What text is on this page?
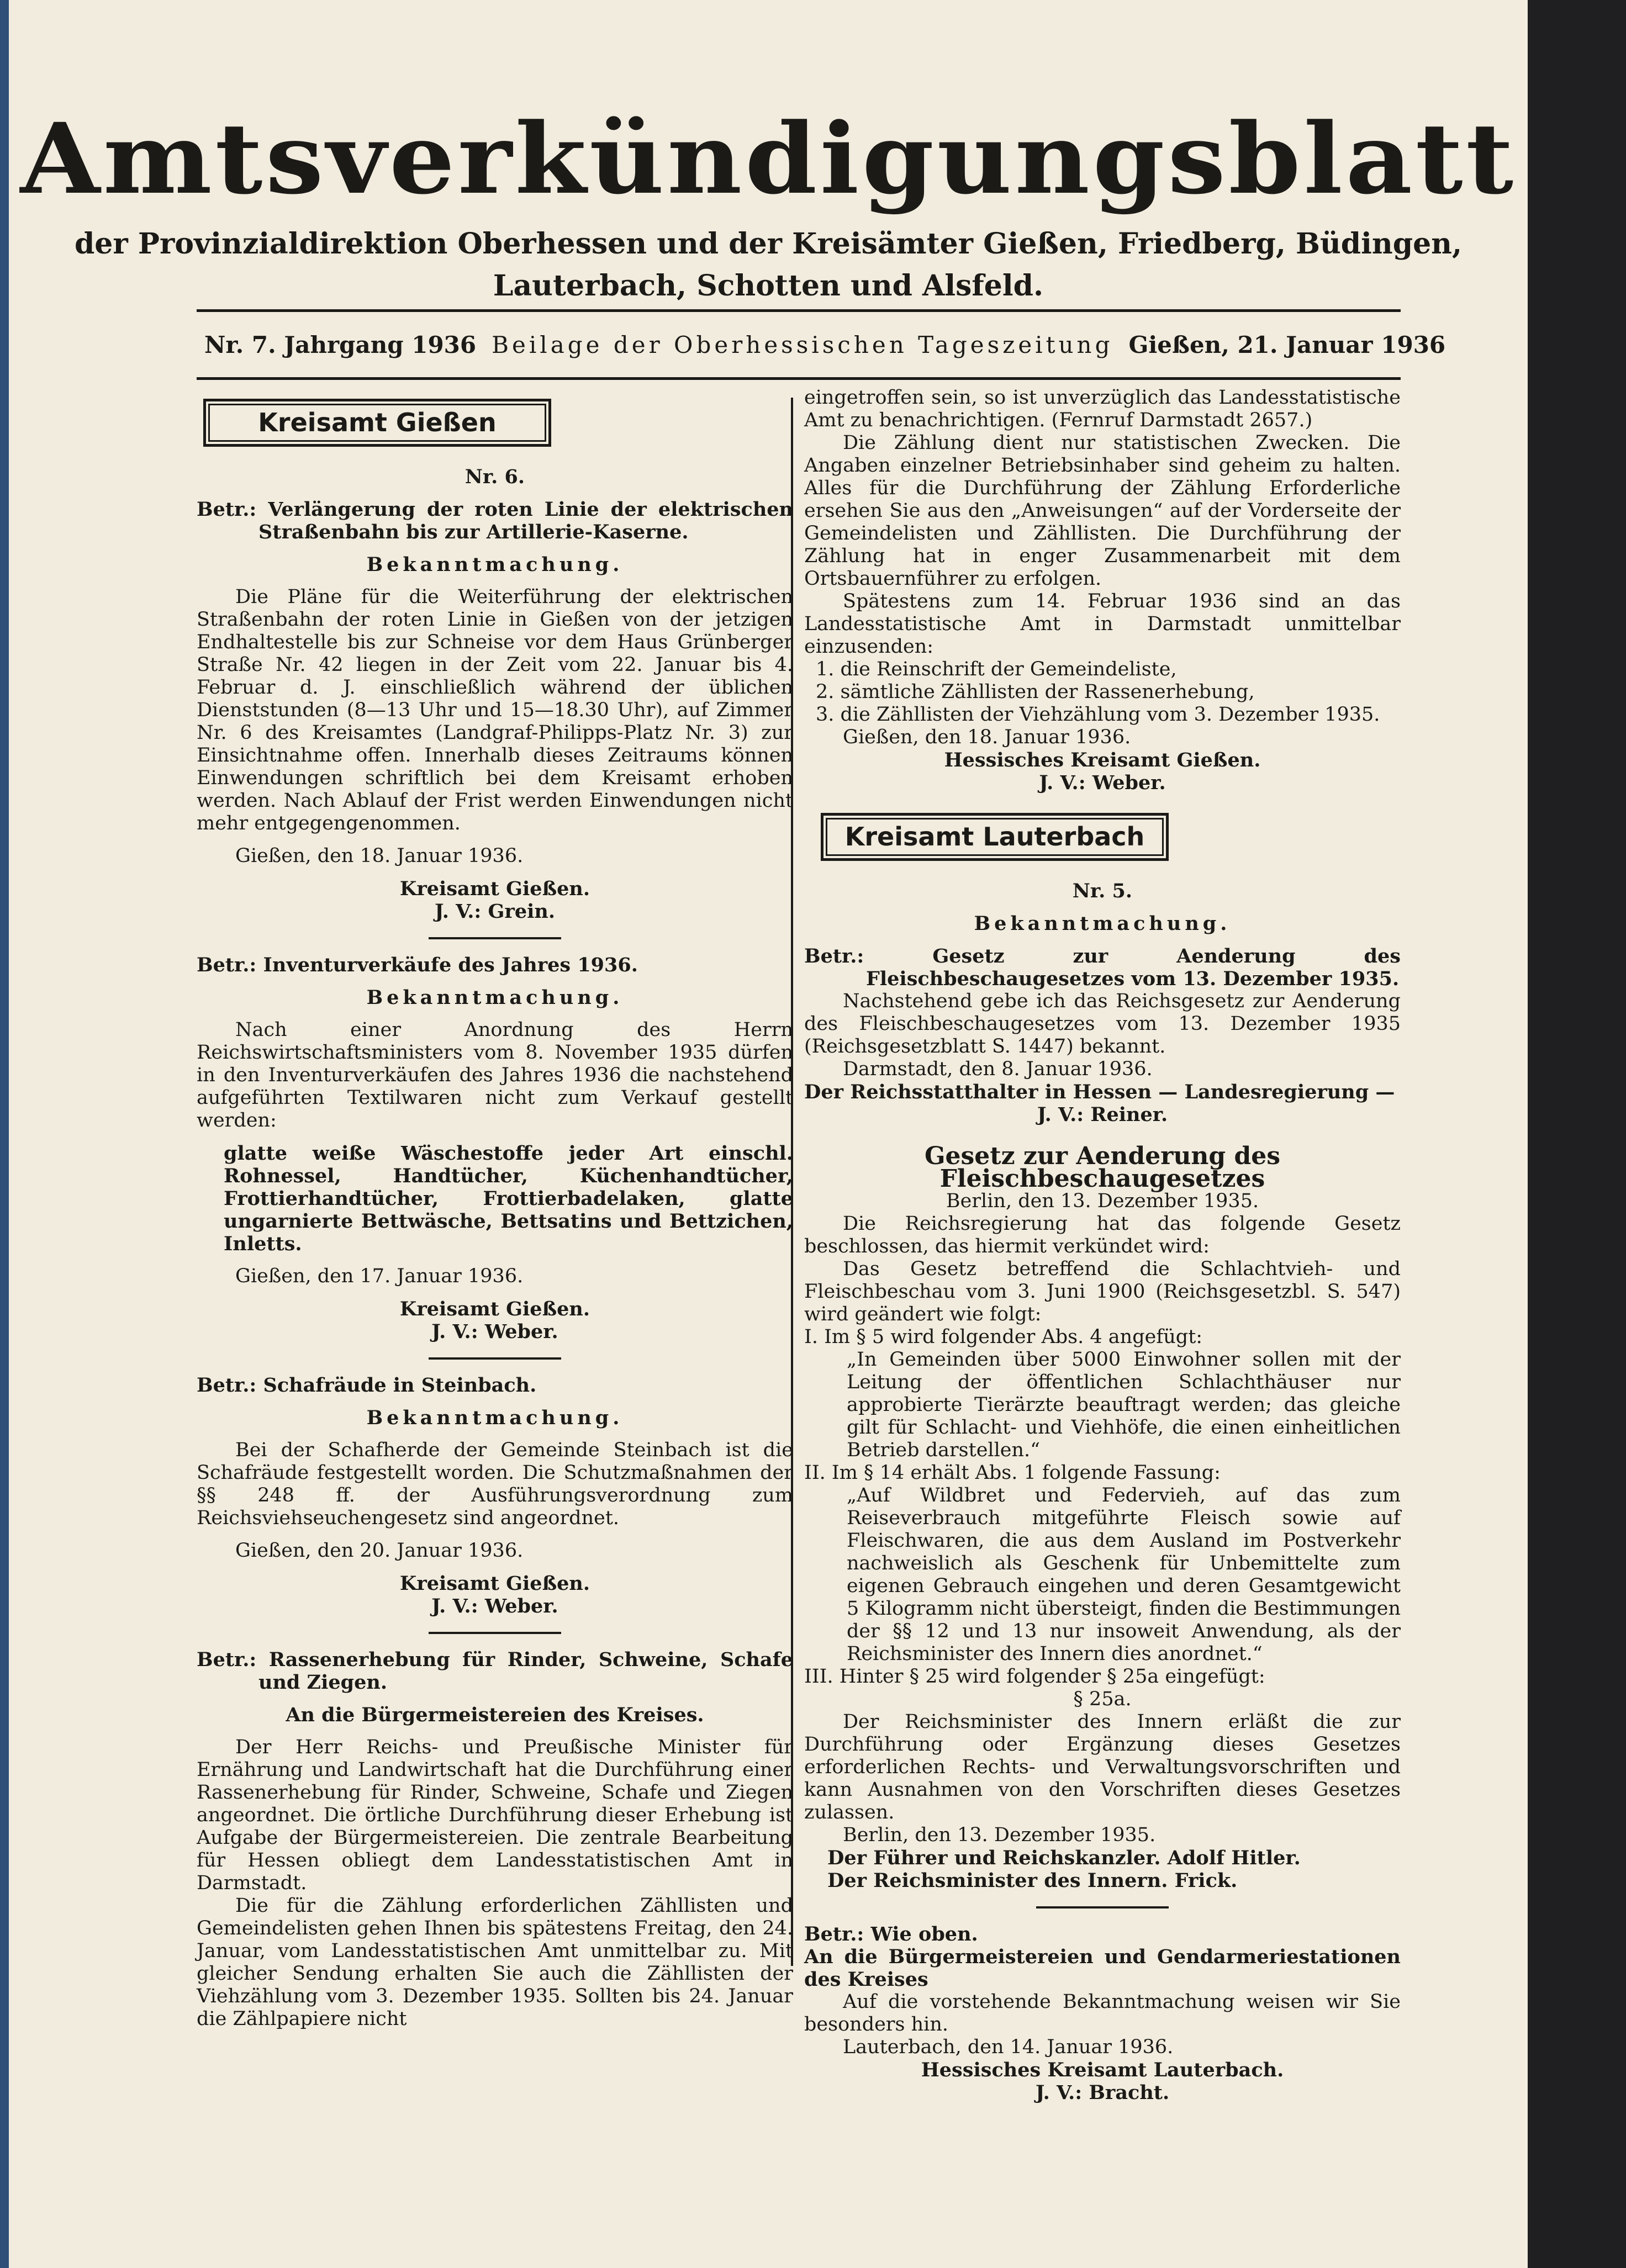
Amtsverkündigungsblatt
der Provinzialdirektion Oberhessen und der Kreisämter Gießen, Friedberg, Büdingen,
Lauterbach, Schotten und Alsfeld.
Nr. 7. Jahrgang 1936 Beilage der Oberhessischen Tageszeitung Gießen, 21. Januar 1936
Kreisamt Gießen

Nr. 6.

Betr.: Verlängerung der roten Linie der elektrischen Straßenbahn bis zur Artillerie-Kaserne.

Bekanntmachung.

Die Pläne für die Weiterführung der elektrischen Straßenbahn der roten Linie in Gießen von der jetzigen Endhaltestelle bis zur Schneise vor dem Haus Grünberger Straße Nr. 42 liegen in der Zeit vom 22. Januar bis 4. Februar d. J. einschließlich während der üblichen Dienststunden (8—13 Uhr und 15—18.30 Uhr), auf Zimmer Nr. 6 des Kreisamtes (Landgraf-Philipps-Platz Nr. 3) zur Einsichtnahme offen. Innerhalb dieses Zeitraums können Einwendungen schriftlich bei dem Kreisamt erhoben werden. Nach Ablauf der Frist werden Einwendungen nicht mehr entgegengenommen.

Gießen, den 18. Januar 1936.

Kreisamt Gießen.

J. V.: Grein.

Betr.: Inventurverkäufe des Jahres 1936.

Bekanntmachung.

Nach einer Anordnung des Herrn Reichswirtschaftsministers vom 8. November 1935 dürfen in den Inventurverkäufen des Jahres 1936 die nachstehend aufgeführten Textilwaren nicht zum Verkauf gestellt werden:

glatte weiße Wäschestoffe jeder Art einschl. Rohnessel, Handtücher, Küchenhandtücher, Frottierhandtücher, Frottierbadelaken, glatte ungarnierte Bettwäsche, Bettsatins und Bettzichen, Inletts.

Gießen, den 17. Januar 1936.

Kreisamt Gießen.

J. V.: Weber.

Betr.: Schafräude in Steinbach.

Bekanntmachung.

Bei der Schafherde der Gemeinde Steinbach ist die Schafräude festgestellt worden. Die Schutzmaßnahmen der §§ 248 ff. der Ausführungsverordnung zum Reichsviehseuchengesetz sind angeordnet.

Gießen, den 20. Januar 1936.

Kreisamt Gießen.

J. V.: Weber.

Betr.: Rassenerhebung für Rinder, Schweine, Schafe und Ziegen.

An die Bürgermeistereien des Kreises.

Der Herr Reichs- und Preußische Minister für Ernährung und Landwirtschaft hat die Durchführung einer Rassenerhebung für Rinder, Schweine, Schafe und Ziegen angeordnet. Die örtliche Durchführung dieser Erhebung ist Aufgabe der Bürgermeistereien. Die zentrale Bearbeitung für Hessen obliegt dem Landesstatistischen Amt in Darmstadt.

Die für die Zählung erforderlichen Zähllisten und Gemeindelisten gehen Ihnen bis spätestens Freitag, den 24. Januar, vom Landesstatistischen Amt unmittelbar zu. Mit gleicher Sendung erhalten Sie auch die Zähllisten der Viehzählung vom 3. Dezember 1935. Sollten bis 24. Januar die Zählpapiere nicht

eingetroffen sein, so ist unverzüglich das Landesstatistische Amt zu benachrichtigen. (Fernruf Darmstadt 2657.)

Die Zählung dient nur statistischen Zwecken. Die Angaben einzelner Betriebsinhaber sind geheim zu halten. Alles für die Durchführung der Zählung Erforderliche ersehen Sie aus den „Anweisungen“ auf der Vorderseite der Gemeindelisten und Zähllisten. Die Durchführung der Zählung hat in enger Zusammenarbeit mit dem Ortsbauernführer zu erfolgen.

Spätestens zum 14. Februar 1936 sind an das Landesstatistische Amt in Darmstadt unmittelbar einzusenden:

1. die Reinschrift der Gemeindeliste,

2. sämtliche Zähllisten der Rassenerhebung,

3. die Zähllisten der Viehzählung vom 3. Dezember 1935.

Gießen, den 18. Januar 1936.

Hessisches Kreisamt Gießen.

J. V.: Weber.

Kreisamt Lauterbach

Nr. 5.

Bekanntmachung.

Betr.:	Gesetz zur Aenderung des Fleischbeschaugesetzes vom 13. Dezember 1935.

Nachstehend gebe ich das Reichsgesetz zur Aenderung des Fleischbeschaugesetzes vom 13. Dezember 1935 (Reichsgesetzblatt S. 1447) bekannt.

Darmstadt, den 8. Januar 1936.

Der Reichsstatthalter in Hessen — Landesregierung —

J. V.: Reiner.

Gesetz zur Aenderung des Fleischbeschaugesetzes

Berlin, den 13. Dezember 1935.

Die Reichsregierung hat das folgende Gesetz beschlossen, das hiermit verkündet wird:

Das Gesetz betreffend die Schlachtvieh- und Fleischbeschau vom 3. Juni 1900 (Reichsgesetzbl. S. 547) wird geändert wie folgt:

I. Im § 5 wird folgender Abs. 4 angefügt:

„In Gemeinden über 5000 Einwohner sollen mit der Leitung der öffentlichen Schlachthäuser nur approbierte Tierärzte beauftragt werden; das gleiche gilt für Schlacht- und Viehhöfe, die einen einheitlichen Betrieb darstellen.“

II. Im § 14 erhält Abs. 1 folgende Fassung:

„Auf Wildbret und Federvieh, auf das zum Reiseverbrauch mitgeführte Fleisch sowie auf Fleischwaren, die aus dem Ausland im Postverkehr nachweislich als Geschenk für Unbemittelte zum eigenen Gebrauch eingehen und deren Gesamtgewicht 5 Kilogramm nicht übersteigt, finden die Bestimmungen der §§ 12 und 13 nur insoweit Anwendung, als der Reichsminister des Innern dies anordnet.“

III. Hinter § 25 wird folgender § 25a eingefügt:

§ 25a.

Der Reichsminister des Innern erläßt die zur Durchführung oder Ergänzung dieses Gesetzes erforderlichen Rechts- und Verwaltungsvorschriften und kann Ausnahmen von den Vorschriften dieses Gesetzes zulassen.

Berlin, den 13. Dezember 1935.

Der Führer und Reichskanzler. Adolf Hitler.

Der Reichsminister des Innern. Frick.

Betr.: Wie oben.

An die Bürgermeistereien und Gendarmeriestationen des Kreises

Auf die vorstehende Bekanntmachung weisen wir Sie besonders hin.

Lauterbach, den 14. Januar 1936.

Hessisches Kreisamt Lauterbach.

J. V.: Bracht.
